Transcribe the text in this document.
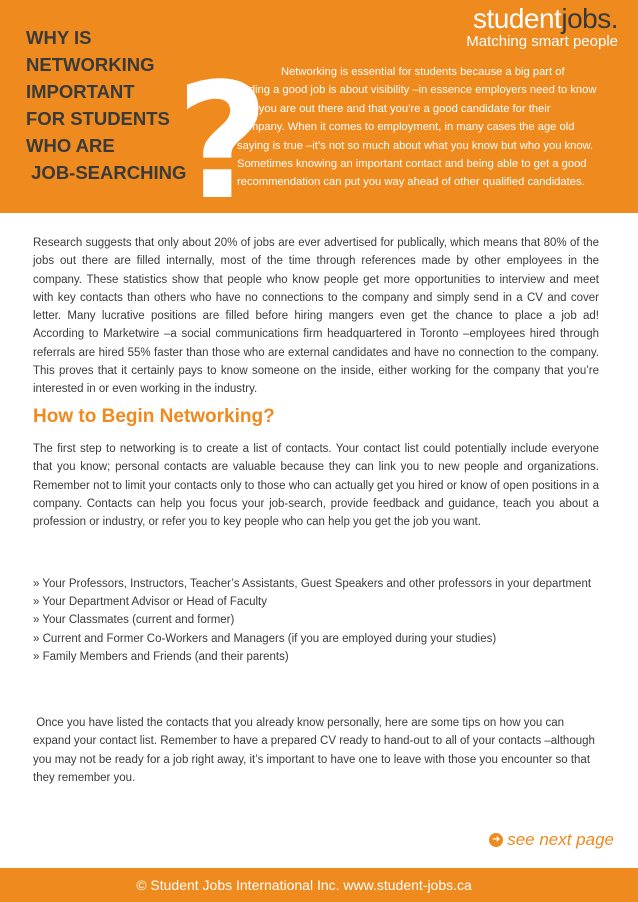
WHY IS
NETWORKING
IMPORTANT
FOR STUDENTS
WHO ARE
JOB-SEARCHING
?
studentjobs.
Matching smart people

Networking is essential for students because a big part of finding a good job is about visibility –in essence employers need to know that you are out there and that you’re a good candidate for their company. When it comes to employment, in many cases the age old saying is true –it’s not so much about what you know but who you know. Sometimes knowing an important contact and being able to get a good recommendation can put you way ahead of other qualified candidates.

Research suggests that only about 20% of jobs are ever advertised for publically, which means that 80% of the jobs out there are filled internally, most of the time through references made by other employees in the company. These statistics show that people who know people get more opportunities to interview and meet with key contacts than others who have no connections to the company and simply send in a CV and cover letter. Many lucrative positions are filled before hiring mangers even get the chance to place a job ad! According to Marketwire –a social communications firm headquartered in Toronto –employees hired through referrals are hired 55% faster than those who are external candidates and have no connection to the company. This proves that it certainly pays to know someone on the inside, either working for the company that you’re interested in or even working in the industry.

How to Begin Networking?

The first step to networking is to create a list of contacts. Your contact list could potentially include everyone that you know; personal contacts are valuable because they can link you to new people and organizations. Remember not to limit your contacts only to those who can actually get you hired or know of open positions in a company. Contacts can help you focus your job-search, provide feedback and guidance, teach you about a profession or industry, or refer you to key people who can help you get the job you want.

» Your Professors, Instructors, Teacher’s Assistants, Guest Speakers and other professors in your department
» Your Department Advisor or Head of Faculty
» Your Classmates (current and former)
» Current and Former Co-Workers and Managers (if you are employed during your studies)
» Family Members and Friends (and their parents)

Once you have listed the contacts that you already know personally, here are some tips on how you can expand your contact list. Remember to have a prepared CV ready to hand-out to all of your contacts –although you may not be ready for a job right away, it’s important to have one to leave with those you encounter so that they remember you.

➜ see next page
© Student Jobs International Inc. www.student-jobs.ca
